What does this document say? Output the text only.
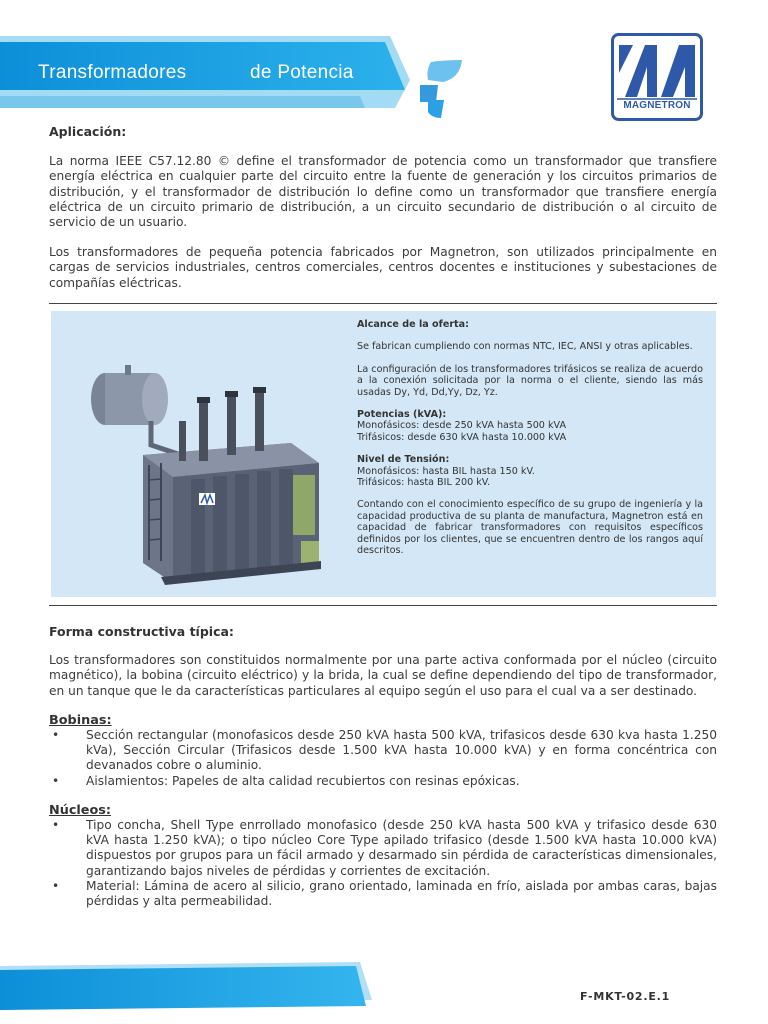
Transformadores	de Potencia
MAGNETRON
Aplicación:

La norma IEEE C57.12.80 © define el transformador de potencia como un transformador que transfiere energía eléctrica en cualquier parte del circuito entre la fuente de generación y los circuitos primarios de distribución, y el transformador de distribución lo define como un transformador que transfiere energía eléctrica de un circuito primario de distribución, a un circuito secundario de distribución o al circuito de servicio de un usuario.

Los transformadores de pequeña potencia fabricados por Magnetron, son utilizados principalmente en cargas de servicios industriales, centros comerciales, centros docentes e instituciones y subestaciones de compañías eléctricas.

Alcance de la oferta:
Se fabrican cumpliendo con normas NTC, IEC, ANSI y otras aplicables.
La configuración de los transformadores trifásicos se realiza de acuerdo a la conexión solicitada por la norma o el cliente, siendo las más usadas Dy, Yd, Dd,Yy, Dz, Yz.
Potencias (kVA):
Monofásicos: desde 250 kVA hasta 500 kVA
Trifásicos: desde 630 kVA hasta 10.000 kVA
Nivel de Tensión:
Monofásicos: hasta BIL hasta 150 kV.
Trifásicos: hasta BIL 200 kV.
Contando con el conocimiento específico de su grupo de ingeniería y la capacidad productiva de su planta de manufactura, Magnetron está en capacidad de fabricar transformadores con requisitos específicos definidos por los clientes, que se encuentren dentro de los rangos aquí descritos.
Forma constructiva típica:

Los transformadores son constituidos normalmente por una parte activa conformada por el núcleo (circuito magnético), la bobina (circuito eléctrico) y la brida, la cual se define dependiendo del tipo de transformador, en un tanque que le da características particulares al equipo según el uso para el cual va a ser destinado.

Bobinas:
• Sección rectangular (monofasicos desde 250 kVA hasta 500 kVA, trifasicos desde 630 kva hasta 1.250 kVa), Sección Circular (Trifasicos desde 1.500 kVA hasta 10.000 kVA) y en forma concéntrica con devanados cobre o aluminio.
• Aislamientos: Papeles de alta calidad recubiertos con resinas epóxicas.
Núcleos:
• Tipo concha, Shell Type enrrollado monofasico (desde 250 kVA hasta 500 kVA y trifasico desde 630 kVA hasta 1.250 kVA); o tipo núcleo Core Type apilado trifasico (desde 1.500 kVA hasta 10.000 kVA) dispuestos por grupos para un fácil armado y desarmado sin pérdida de características dimensionales, garantizando bajos niveles de pérdidas y corrientes de excitación.
• Material: Lámina de acero al silicio, grano orientado, laminada en frío, aislada por ambas caras, bajas pérdidas y alta permeabilidad.
F-MKT-02.E.1
